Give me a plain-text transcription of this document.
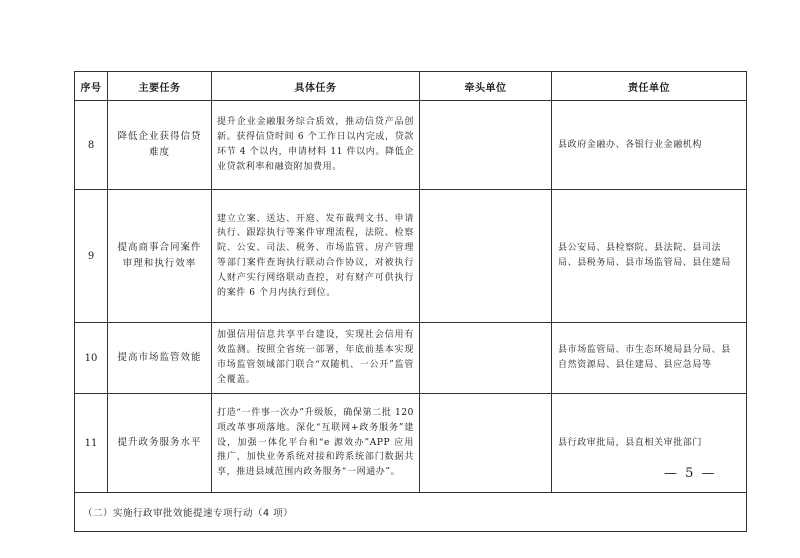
序号	主要任务	具体任务	牵头单位	责任单位
8	降低企业获得信贷难度	提升企业金融服务综合质效，推动信贷产品创新。获得信贷时间 6 个工作日以内完成，贷款环节 4 个以内，申请材料 11 件以内。降低企业贷款利率和融资附加费用。		县政府金融办、各银行业金融机构
9	提高商事合同案件审理和执行效率	建立立案、送达、开庭、发布裁判文书、申请执行、跟踪执行等案件审理流程，法院、检察院、公安、司法、税务、市场监管、房产管理等部门案件查询执行联动合作协议，对被执行人财产实行网络联动查控，对有财产可供执行的案件 6 个月内执行到位。		县公安局、县检察院、县法院、县司法局、县税务局、县市场监管局、县住建局
10	提高市场监管效能	加强信用信息共享平台建设，实现社会信用有效监测。按照全省统一部署，年底前基本实现市场监管领域部门联合“双随机、一公开”监管全覆盖。		县市场监管局、市生态环境局县分局、县自然资源局、县住建局、县应急局等
11	提升政务服务水平	打造“一件事一次办”升级版，确保第二批 120 项改革事项落地。深化“互联网+政务服务”建设，加强一体化平台和“e 源效办”APP 应用推广，加快业务系统对接和跨系统部门数据共享，推进县域范围内政务服务“一网通办”。		县行政审批局，县直相关审批部门
（二）实施行政审批效能提速专项行动（4 项）				
— 5 —
